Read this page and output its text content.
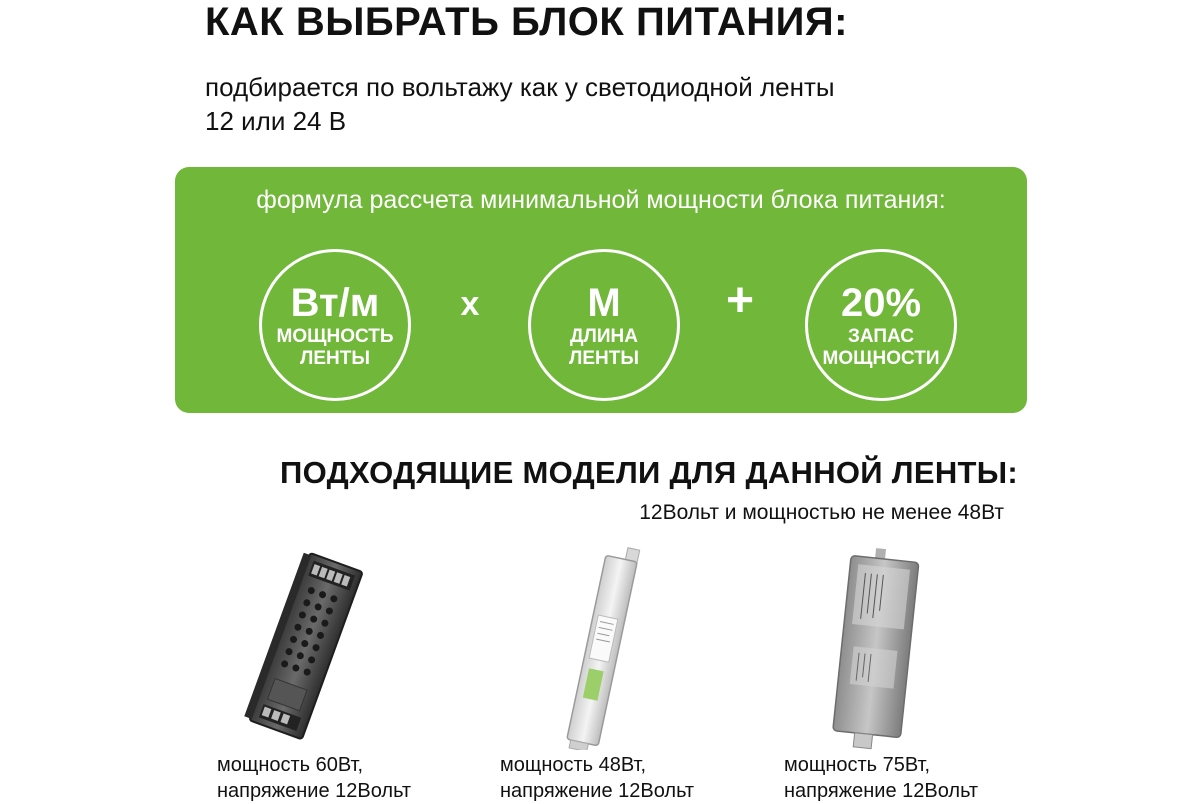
КАК ВЫБРАТЬ БЛОК ПИТАНИЯ:

подбирается по вольтажу как у светодиодной ленты
12 или 24 В

формула рассчета минимальной мощности блока питания:
Вт/м
МОЩНОСТЬ
ЛЕНТЫ
x	М
ДЛИНА
ЛЕНТЫ
+ 20%
ЗАПАС
МОЩНОСТИ
ПОДХОДЯЩИЕ МОДЕЛИ ДЛЯ ДАННОЙ ЛЕНТЫ:

12Вольт и мощностью не менее 48Вт

мощность 60Вт,
напряжение 12Вольт

мощность 48Вт,
напряжение 12Вольт

мощность 75Вт,
напряжение 12Вольт
